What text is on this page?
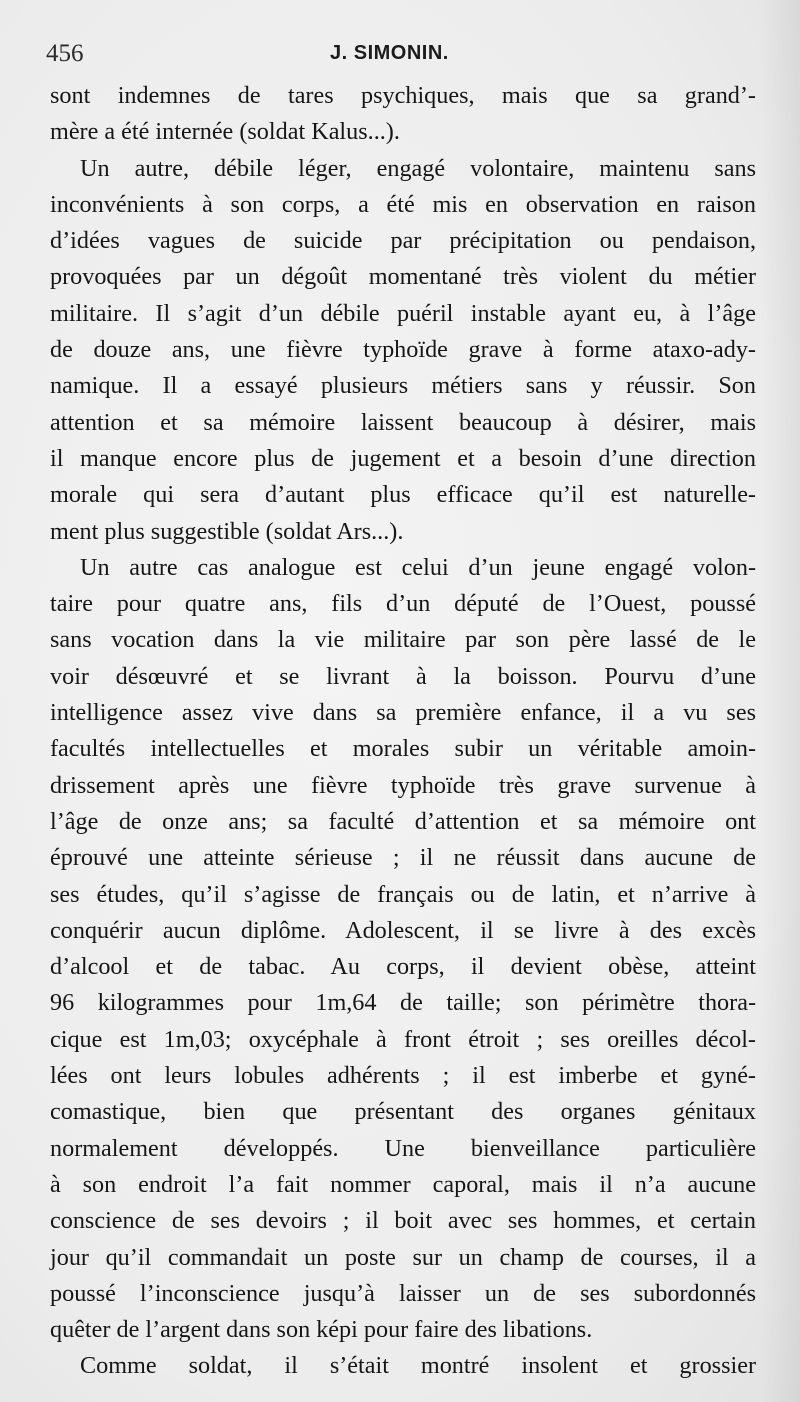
456	J. SIMONIN.
sont indemnes de tares psychiques, mais que sa grand’-
mère a été internée (soldat Kalus...).
Un autre, débile léger, engagé volontaire, maintenu sans
inconvénients à son corps, a été mis en observation en raison
d’idées vagues de suicide par précipitation ou pendaison,
provoquées par un dégoût momentané très violent du métier
militaire. Il s’agit d’un débile puéril instable ayant eu, à l’âge
de douze ans, une fièvre typhoïde grave à forme ataxo-ady-
namique. Il a essayé plusieurs métiers sans y réussir. Son
attention et sa mémoire laissent beaucoup à désirer, mais
il manque encore plus de jugement et a besoin d’une direction
morale qui sera d’autant plus efficace qu’il est naturelle-
ment plus suggestible (soldat Ars...).
Un autre cas analogue est celui d’un jeune engagé volon-
taire pour quatre ans, fils d’un député de l’Ouest, poussé
sans vocation dans la vie militaire par son père lassé de le
voir désœuvré et se livrant à la boisson. Pourvu d’une
intelligence assez vive dans sa première enfance, il a vu ses
facultés intellectuelles et morales subir un véritable amoin-
drissement après une fièvre typhoïde très grave survenue à
l’âge de onze ans; sa faculté d’attention et sa mémoire ont
éprouvé une atteinte sérieuse ; il ne réussit dans aucune de
ses études, qu’il s’agisse de français ou de latin, et n’arrive à
conquérir aucun diplôme. Adolescent, il se livre à des excès
d’alcool et de tabac. Au corps, il devient obèse, atteint
96 kilogrammes pour 1m,64 de taille; son périmètre thora-
cique est 1m,03; oxycéphale à front étroit ; ses oreilles décol-
lées ont leurs lobules adhérents ; il est imberbe et gyné-
comastique, bien que présentant des organes génitaux
normalement développés. Une bienveillance particulière
à son endroit l’a fait nommer caporal, mais il n’a aucune
conscience de ses devoirs ; il boit avec ses hommes, et certain
jour qu’il commandait un poste sur un champ de courses, il a
poussé l’inconscience jusqu’à laisser un de ses subordonnés
quêter de l’argent dans son képi pour faire des libations.
Comme soldat, il s’était montré insolent et grossier
